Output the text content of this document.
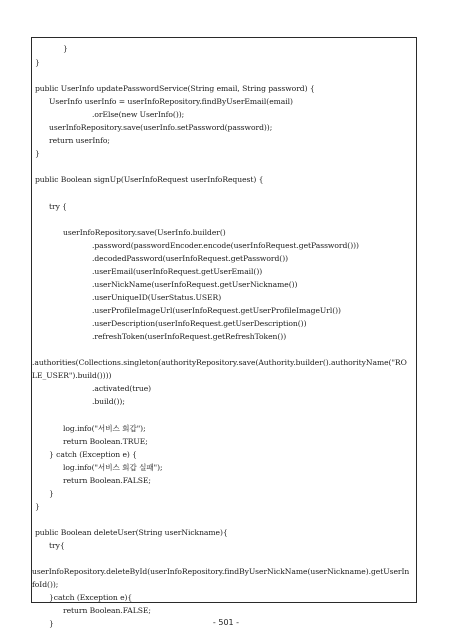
}
}
public UserInfo updatePasswordService(String email, String password) {
UserInfo userInfo = userInfoRepository.findByUserEmail(email)
.orElse(new UserInfo());
userInfoRepository.save(userInfo.setPassword(password));
return userInfo;
}
public Boolean signUp(UserInfoRequest userInfoRequest) {
try {
userInfoRepository.save(UserInfo.builder()
.password(passwordEncoder.encode(userInfoRequest.getPassword()))
.decodedPassword(userInfoRequest.getPassword())
.userEmail(userInfoRequest.getUserEmail())
.userNickName(userInfoRequest.getUserNickname())
.userUniqueID(UserStatus.USER)
.userProfileImageUrl(userInfoRequest.getUserProfileImageUrl())
.userDescription(userInfoRequest.getUserDescription())
.refreshToken(userInfoRequest.getRefreshToken())
.authorities(Collections.singleton(authorityRepository.save(Authority.builder().authorityName("RO
LE_USER").build())))
.activated(true)
.build());
log.info("서비스 회갑");
return Boolean.TRUE;
} catch (Exception e) {
log.info("서비스 회갑 실패");
return Boolean.FALSE;
}
}
public Boolean deleteUser(String userNickname){
try{
userInfoRepository.deleteById(userInfoRepository.findByUserNickName(userNickname).getUserIn
foId());
}catch (Exception e){
return Boolean.FALSE;
}	- 501 -
